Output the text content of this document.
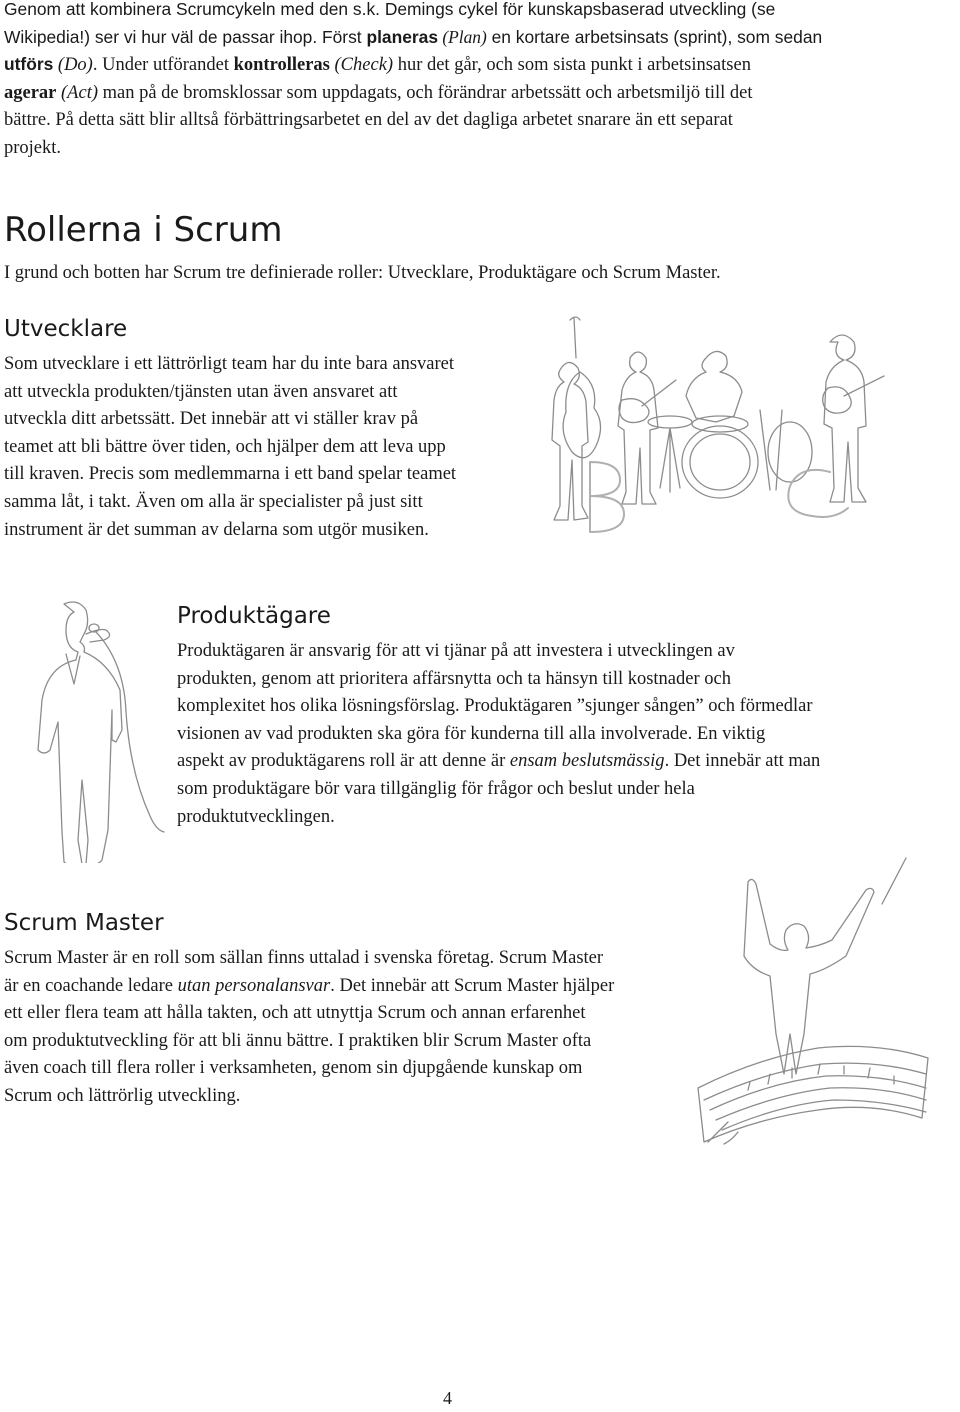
Genom att kombinera Scrumcykeln med den s.k. Demings cykel för kunskapsbaserad utveckling (se
Wikipedia!) ser vi hur väl de passar ihop. Först planeras (Plan) en kortare arbetsinsats (sprint), som sedan
utförs (Do). Under utförandet kontrolleras (Check) hur det går, och som sista punkt i arbetsinsatsen
agerar (Act) man på de bromsklossar som uppdagats, och förändrar arbetssätt och arbetsmiljö till det
bättre. På detta sätt blir alltså förbättringsarbetet en del av det dagliga arbetet snarare än ett separat
projekt.
Rollerna i Scrum
I grund och botten har Scrum tre definierade roller: Utvecklare, Produktägare och Scrum Master.
Utvecklare
Som utvecklare i ett lättrörligt team har du inte bara ansvaret
att utveckla produkten/tjänsten utan även ansvaret att
utveckla ditt arbetssätt. Det innebär att vi ställer krav på
teamet att bli bättre över tiden, och hjälper dem att leva upp
till kraven. Precis som medlemmarna i ett band spelar teamet
samma låt, i takt. Även om alla är specialister på just sitt
instrument är det summan av delarna som utgör musiken.
Produktägare
Produktägaren är ansvarig för att vi tjänar på att investera i utvecklingen av
produkten, genom att prioritera affärsnytta och ta hänsyn till kostnader och
komplexitet hos olika lösningsförslag. Produktägaren ”sjunger sången” och förmedlar
visionen av vad produkten ska göra för kunderna till alla involverade. En viktig
aspekt av produktägarens roll är att denne är ensam beslutsmässig. Det innebär att man
som produktägare bör vara tillgänglig för frågor och beslut under hela
produktutvecklingen.
Scrum Master
Scrum Master är en roll som sällan finns uttalad i svenska företag. Scrum Master
är en coachande ledare utan personalansvar. Det innebär att Scrum Master hjälper
ett eller flera team att hålla takten, och att utnyttja Scrum och annan erfarenhet
om produktutveckling för att bli ännu bättre. I praktiken blir Scrum Master ofta
även coach till flera roller i verksamheten, genom sin djupgående kunskap om
Scrum och lättrörlig utveckling.
4
